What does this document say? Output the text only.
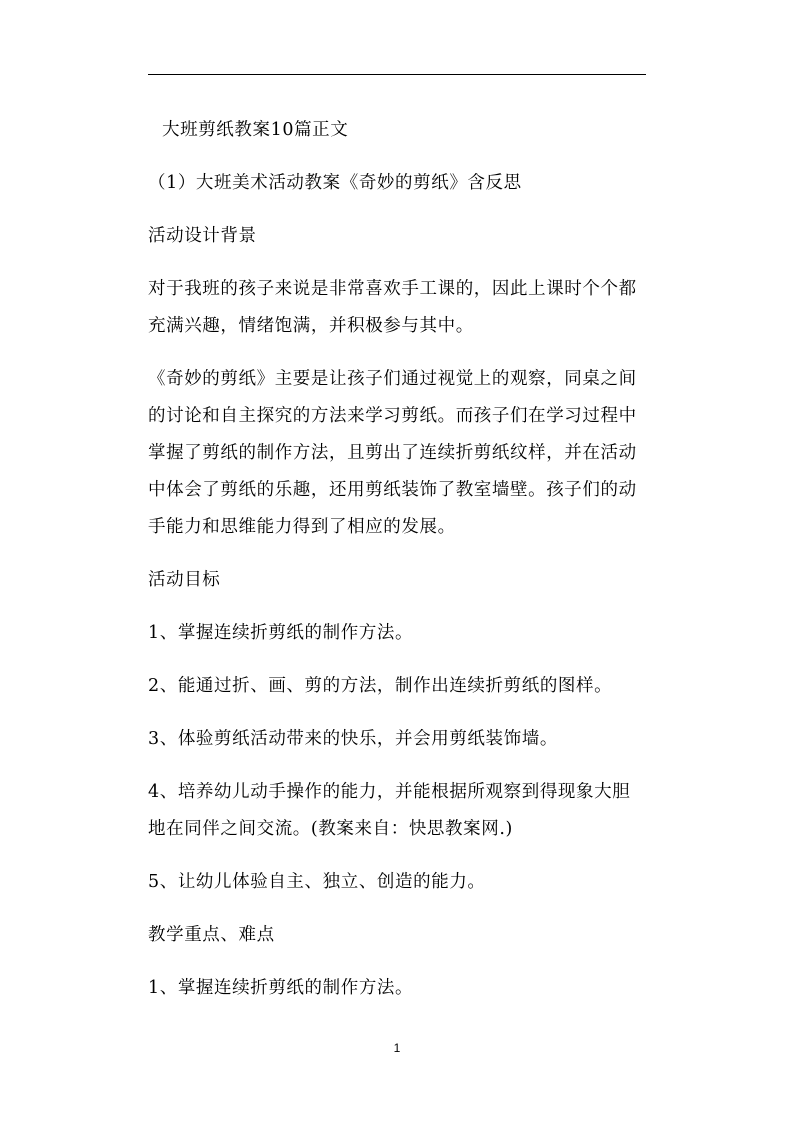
大班剪纸教案10篇正文

（1）大班美术活动教案《奇妙的剪纸》含反思

活动设计背景

对于我班的孩子来说是非常喜欢手工课的，因此上课时个个都充满兴趣，情绪饱满，并积极参与其中。

《奇妙的剪纸》主要是让孩子们通过视觉上的观察，同桌之间的讨论和自主探究的方法来学习剪纸。而孩子们在学习过程中掌握了剪纸的制作方法，且剪出了连续折剪纸纹样，并在活动中体会了剪纸的乐趣，还用剪纸装饰了教室墙壁。孩子们的动手能力和思维能力得到了相应的发展。

活动目标

1、掌握连续折剪纸的制作方法。

2、能通过折、画、剪的方法，制作出连续折剪纸的图样。

3、体验剪纸活动带来的快乐，并会用剪纸装饰墙。

4、培养幼儿动手操作的能力，并能根据所观察到得现象大胆地在同伴之间交流。(教案来自：快思教案网.)

5、让幼儿体验自主、独立、创造的能力。

教学重点、难点

1、掌握连续折剪纸的制作方法。

1
